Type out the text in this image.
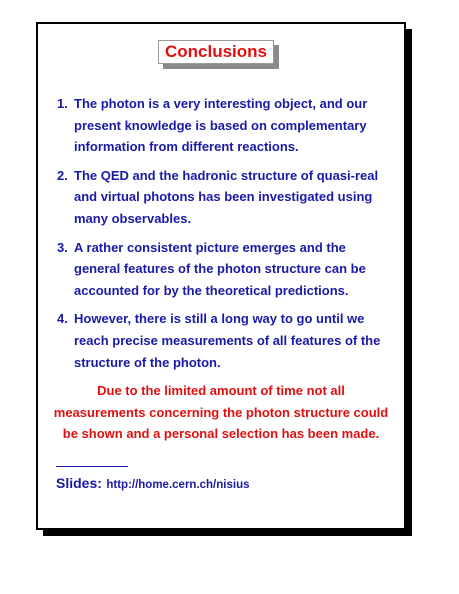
Conclusions
1. The photon is a very interesting object, and our present knowledge is based on complementary information from different reactions.
2. The QED and the hadronic structure of quasi-real and virtual photons has been investigated using many observables.
3. A rather consistent picture emerges and the general features of the photon structure can be accounted for by the theoretical predictions.
4. However, there is still a long way to go until we reach precise measurements of all features of the structure of the photon.
Due to the limited amount of time not all measurements concerning the photon structure could be shown and a personal selection has been made.
Slides: http://home.cern.ch/nisius
